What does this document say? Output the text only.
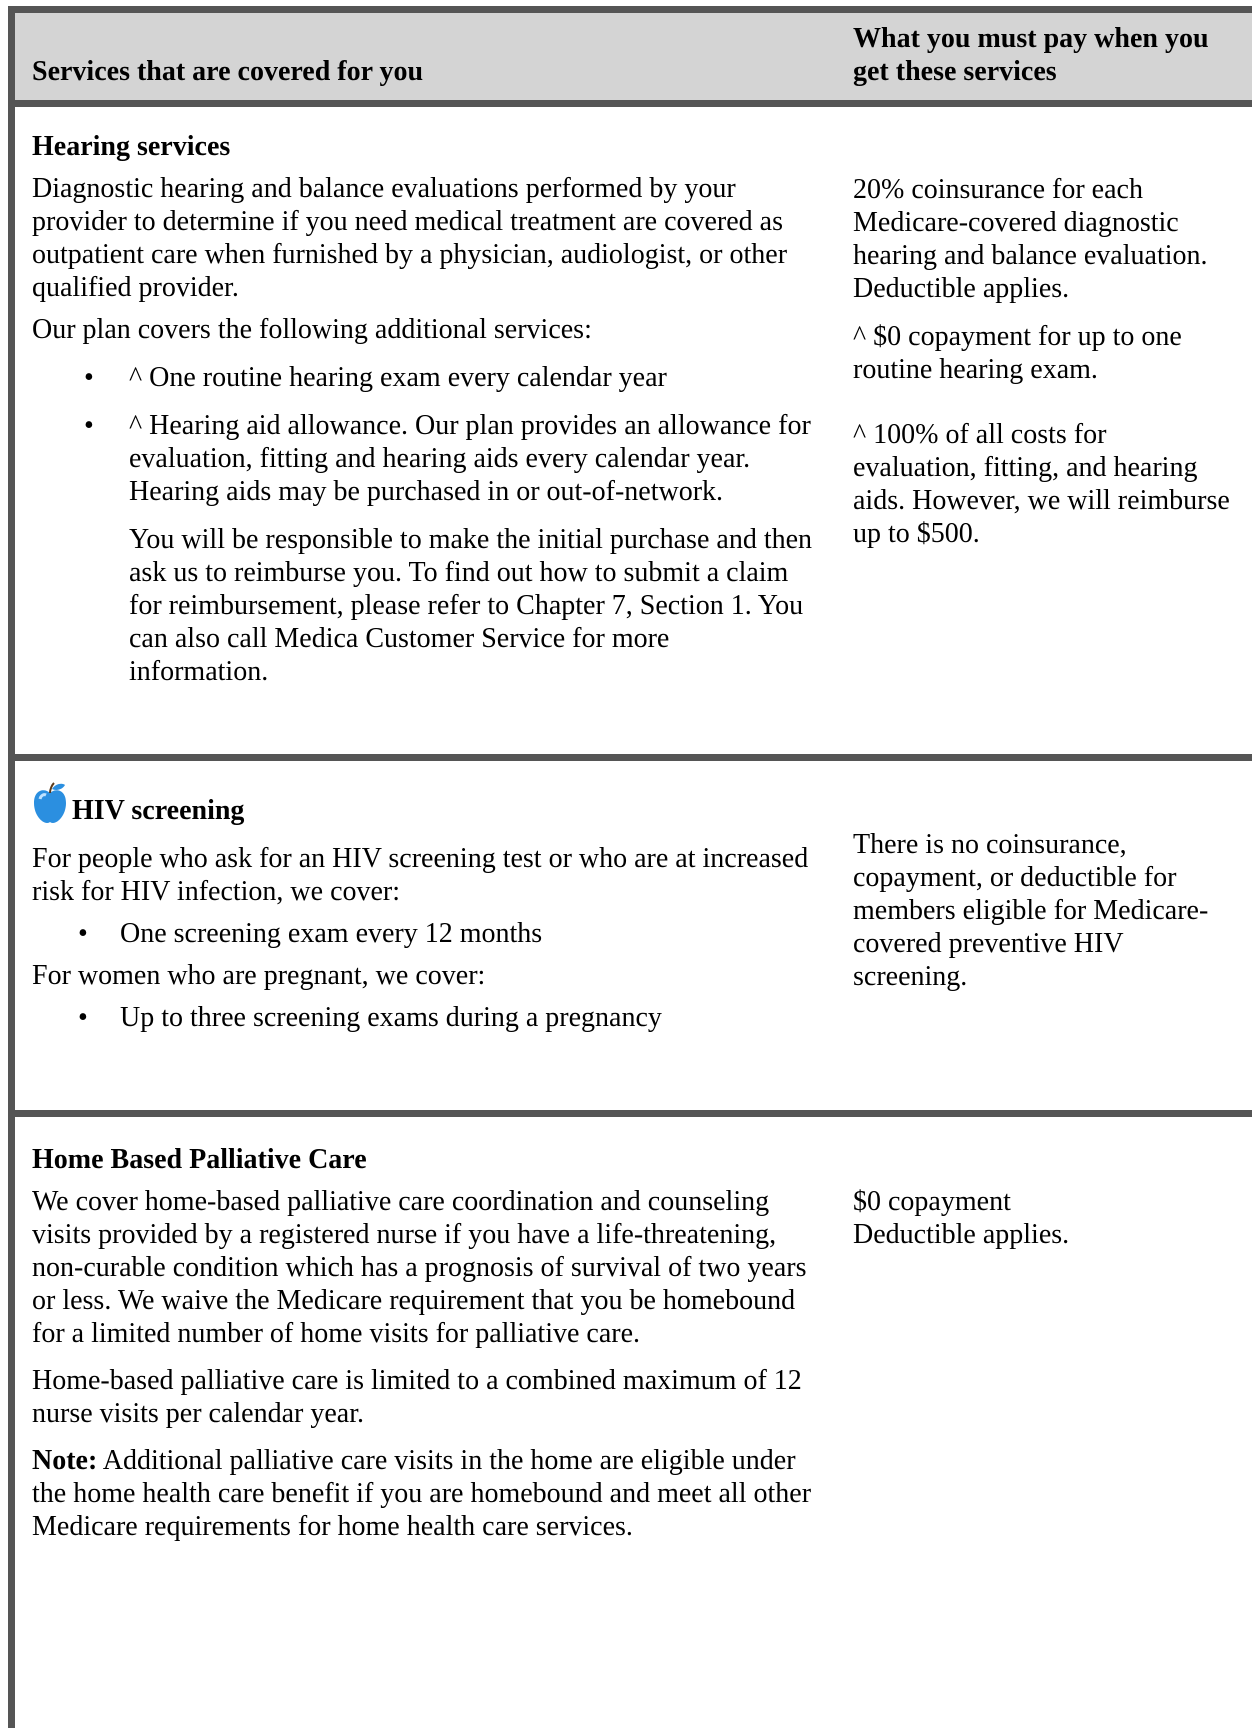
Services that are covered for you
What you must pay when you get these services

Hearing services

Diagnostic hearing and balance evaluations performed by your provider to determine if you need medical treatment are covered as outpatient care when furnished by a physician, audiologist, or other qualified provider.

Our plan covers the following additional services:

• ^ One routine hearing exam every calendar year
• ^ Hearing aid allowance. Our plan provides an allowance for evaluation, fitting and hearing aids every calendar year. Hearing aids may be purchased in or out-of-network.

You will be responsible to make the initial purchase and then ask us to reimburse you. To find out how to submit a claim for reimbursement, please refer to Chapter 7, Section 1. You can also call Medica Customer Service for more information.

20% coinsurance for each Medicare-covered diagnostic hearing and balance evaluation. Deductible applies.

^ $0 copayment for up to one routine hearing exam.

^ 100% of all costs for evaluation, fitting, and hearing aids. However, we will reimburse up to $500.

HIV screening

For people who ask for an HIV screening test or who are at increased risk for HIV infection, we cover:

• One screening exam every 12 months

For women who are pregnant, we cover:

• Up to three screening exams during a pregnancy

There is no coinsurance, copayment, or deductible for members eligible for Medicare-covered preventive HIV screening.

Home Based Palliative Care

We cover home-based palliative care coordination and counseling visits provided by a registered nurse if you have a life-threatening, non-curable condition which has a prognosis of survival of two years or less. We waive the Medicare requirement that you be homebound for a limited number of home visits for palliative care.

Home-based palliative care is limited to a combined maximum of 12 nurse visits per calendar year.

Note: Additional palliative care visits in the home are eligible under the home health care benefit if you are homebound and meet all other Medicare requirements for home health care services.

$0 copayment

Deductible applies.
